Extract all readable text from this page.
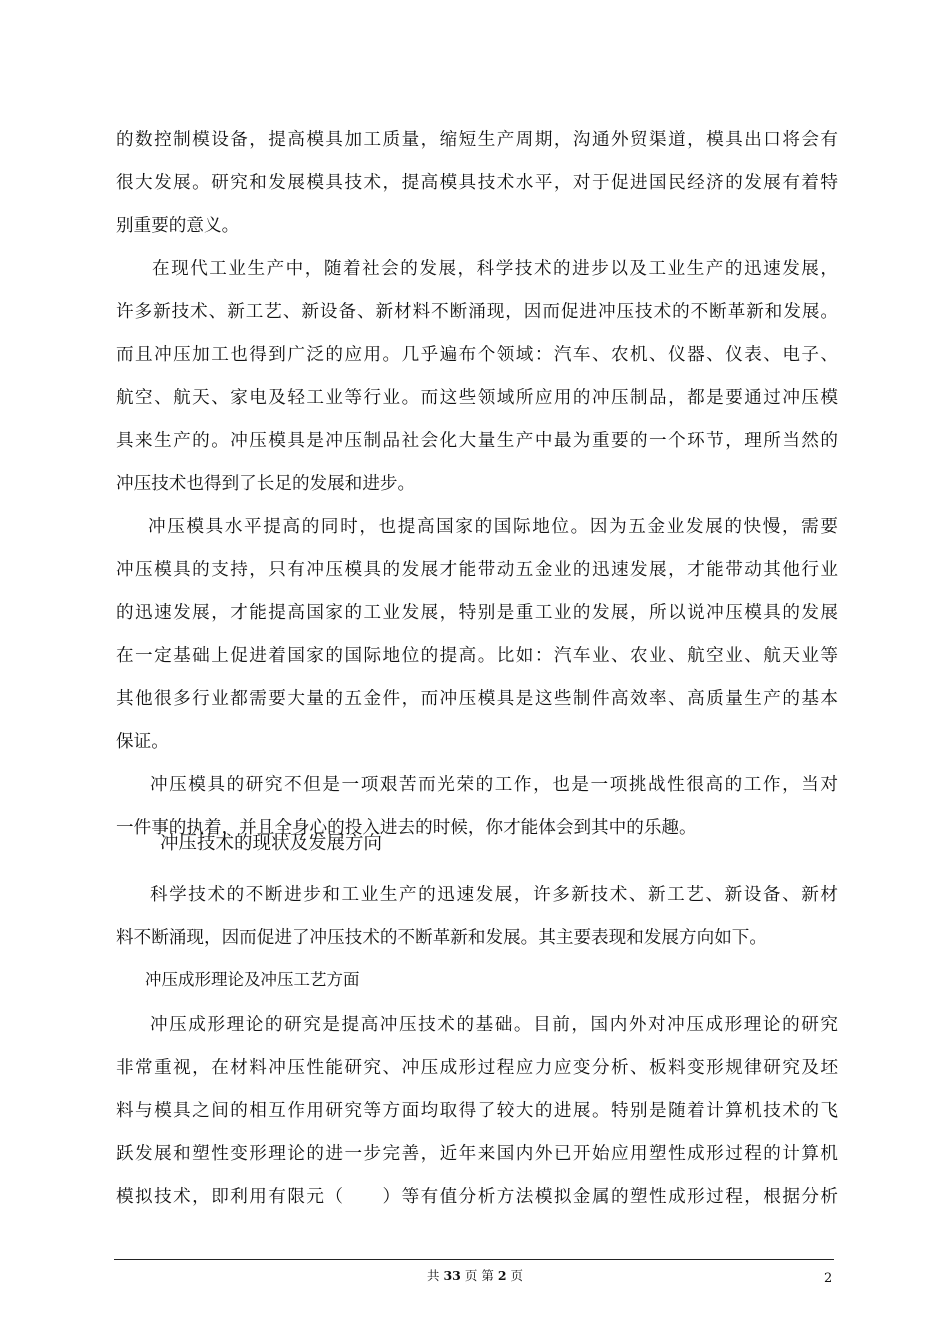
的数控制模设备，提高模具加工质量，缩短生产周期，沟通外贸渠道，模具出口将会有
很大发展。研究和发展模具技术，提高模具技术水平，对于促进国民经济的发展有着特
别重要的意义。
在现代工业生产中，随着社会的发展，科学技术的进步以及工业生产的迅速发展，
许多新技术、新工艺、新设备、新材料不断涌现，因而促进冲压技术的不断革新和发展。
而且冲压加工也得到广泛的应用。几乎遍布个领域：汽车、农机、仪器、仪表、电子、
航空、航天、家电及轻工业等行业。而这些领域所应用的冲压制品，都是要通过冲压模
具来生产的。冲压模具是冲压制品社会化大量生产中最为重要的一个环节，理所当然的
冲压技术也得到了长足的发展和进步。
冲压模具水平提高的同时，也提高国家的国际地位。因为五金业发展的快慢，需要
冲压模具的支持，只有冲压模具的发展才能带动五金业的迅速发展，才能带动其他行业
的迅速发展，才能提高国家的工业发展，特别是重工业的发展，所以说冲压模具的发展
在一定基础上促进着国家的国际地位的提高。比如：汽车业、农业、航空业、航天业等
其他很多行业都需要大量的五金件，而冲压模具是这些制件高效率、高质量生产的基本
保证。
冲压模具的研究不但是一项艰苦而光荣的工作，也是一项挑战性很高的工作，当对
一件事的执着，并且全身心的投入进去的时候，你才能体会到其中的乐趣。
冲压技术的现状及发展方向
科学技术的不断进步和工业生产的迅速发展，许多新技术、新工艺、新设备、新材
料不断涌现，因而促进了冲压技术的不断革新和发展。其主要表现和发展方向如下。
冲压成形理论及冲压工艺方面
冲压成形理论的研究是提高冲压技术的基础。目前，国内外对冲压成形理论的研究
非常重视，在材料冲压性能研究、冲压成形过程应力应变分析、板料变形规律研究及坯
料与模具之间的相互作用研究等方面均取得了较大的进展。特别是随着计算机技术的飞
跃发展和塑性变形理论的进一步完善，近年来国内外已开始应用塑性成形过程的计算机
模拟技术，即利用有限元（　　）等有值分析方法模拟金属的塑性成形过程，根据分析
共 33 页 第 2 页	2
